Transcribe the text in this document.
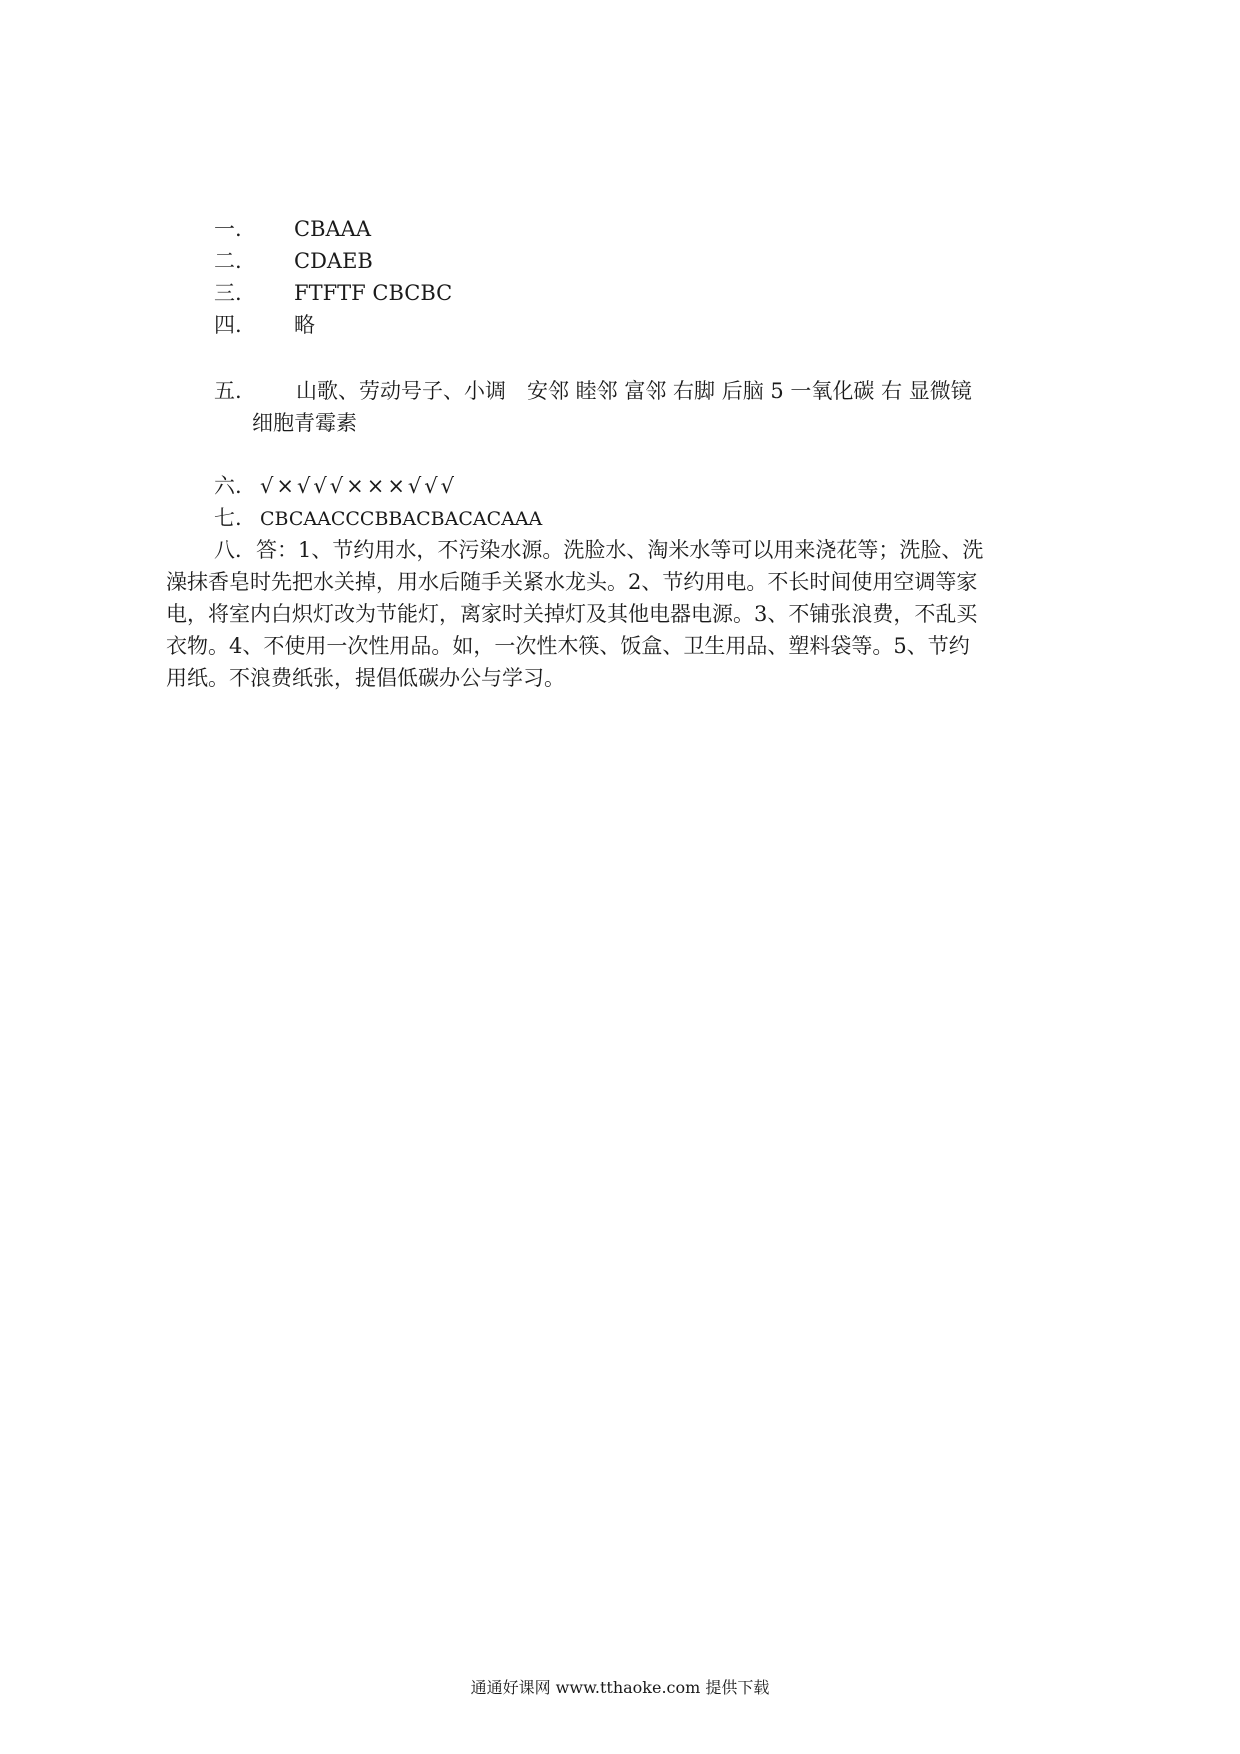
一. CBAAA
二. CDAEB
三. FTFTF CBCBC
四. 略
五.	山歌、劳动号子、小调　安邻 睦邻 富邻 右脚 后脑 5 一氧化碳 右 显微镜
细胞青霉素
六. √×√√√×××√√√
七. CBCAACCCBBACBACACAAA
八．答：1、节约用水，不污染水源。洗脸水、淘米水等可以用来浇花等；洗脸、洗
澡抹香皂时先把水关掉，用水后随手关紧水龙头。2、节约用电。不长时间使用空调等家
电，将室内白炽灯改为节能灯，离家时关掉灯及其他电器电源。3、不铺张浪费，不乱买
衣物。4、不使用一次性用品。如，一次性木筷、饭盒、卫生用品、塑料袋等。5、节约
用纸。不浪费纸张，提倡低碳办公与学习。
通通好课网 www.tthaoke.com 提供下载
